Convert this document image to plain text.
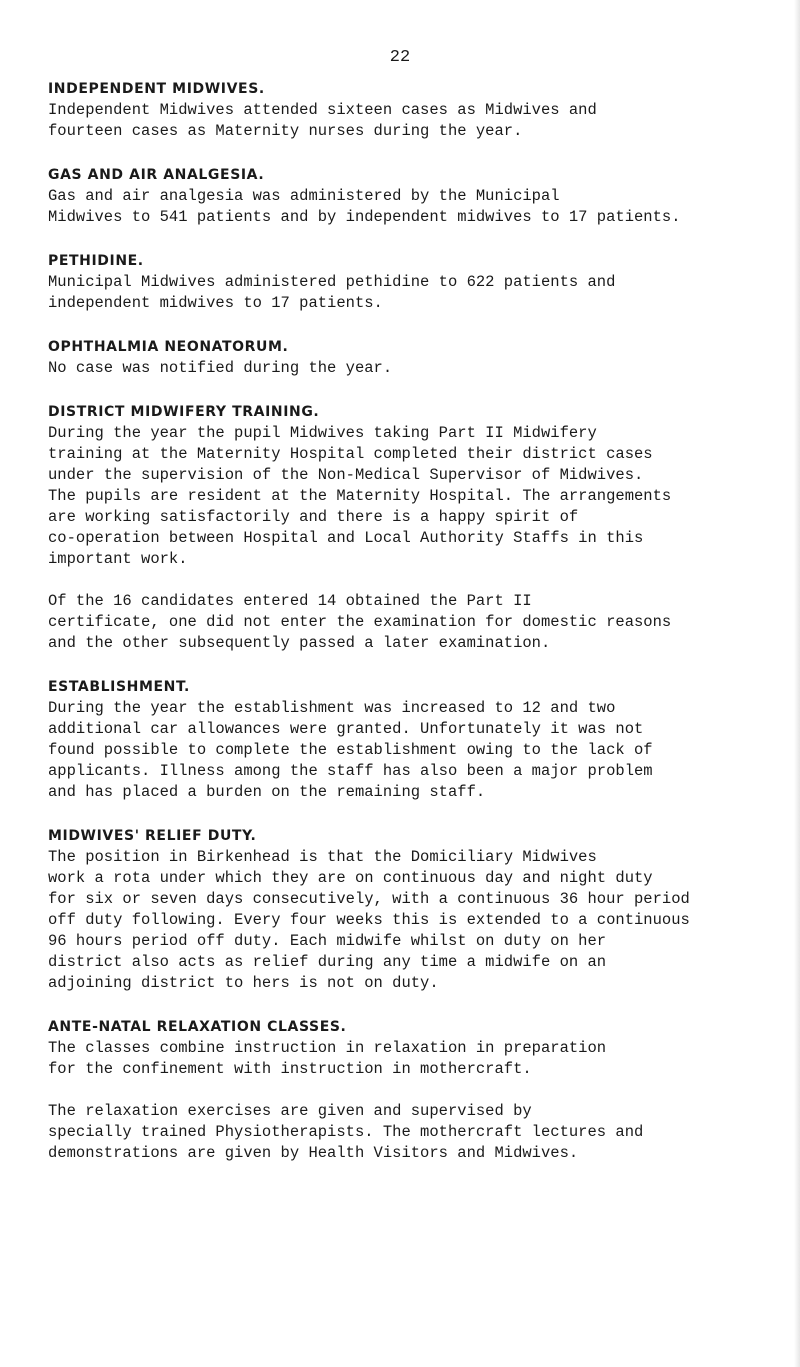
22

INDEPENDENT MIDWIVES.

Independent Midwives attended sixteen cases as Midwives and
fourteen cases as Maternity nurses during the year.

GAS AND AIR ANALGESIA.

Gas and air analgesia was administered by the Municipal
Midwives to 541 patients and by independent midwives to 17 patients.

PETHIDINE.

Municipal Midwives administered pethidine to 622 patients and
independent midwives to 17 patients.

OPHTHALMIA NEONATORUM.

No case was notified during the year.

DISTRICT MIDWIFERY TRAINING.

During the year the pupil Midwives taking Part II Midwifery
training at the Maternity Hospital completed their district cases
under the supervision of the Non-Medical Supervisor of Midwives.
The pupils are resident at the Maternity Hospital. The arrangements
are working satisfactorily and there is a happy spirit of
co-operation between Hospital and Local Authority Staffs in this
important work.

Of the 16 candidates entered 14 obtained the Part II
certificate, one did not enter the examination for domestic reasons
and the other subsequently passed a later examination.

ESTABLISHMENT.

During the year the establishment was increased to 12 and two
additional car allowances were granted. Unfortunately it was not
found possible to complete the establishment owing to the lack of
applicants. Illness among the staff has also been a major problem
and has placed a burden on the remaining staff.

MIDWIVES' RELIEF DUTY.

The position in Birkenhead is that the Domiciliary Midwives
work a rota under which they are on continuous day and night duty
for six or seven days consecutively, with a continuous 36 hour period
off duty following. Every four weeks this is extended to a continuous
96 hours period off duty. Each midwife whilst on duty on her
district also acts as relief during any time a midwife on an
adjoining district to hers is not on duty.

ANTE-NATAL RELAXATION CLASSES.

The classes combine instruction in relaxation in preparation
for the confinement with instruction in mothercraft.

The relaxation exercises are given and supervised by
specially trained Physiotherapists. The mothercraft lectures and
demonstrations are given by Health Visitors and Midwives.
